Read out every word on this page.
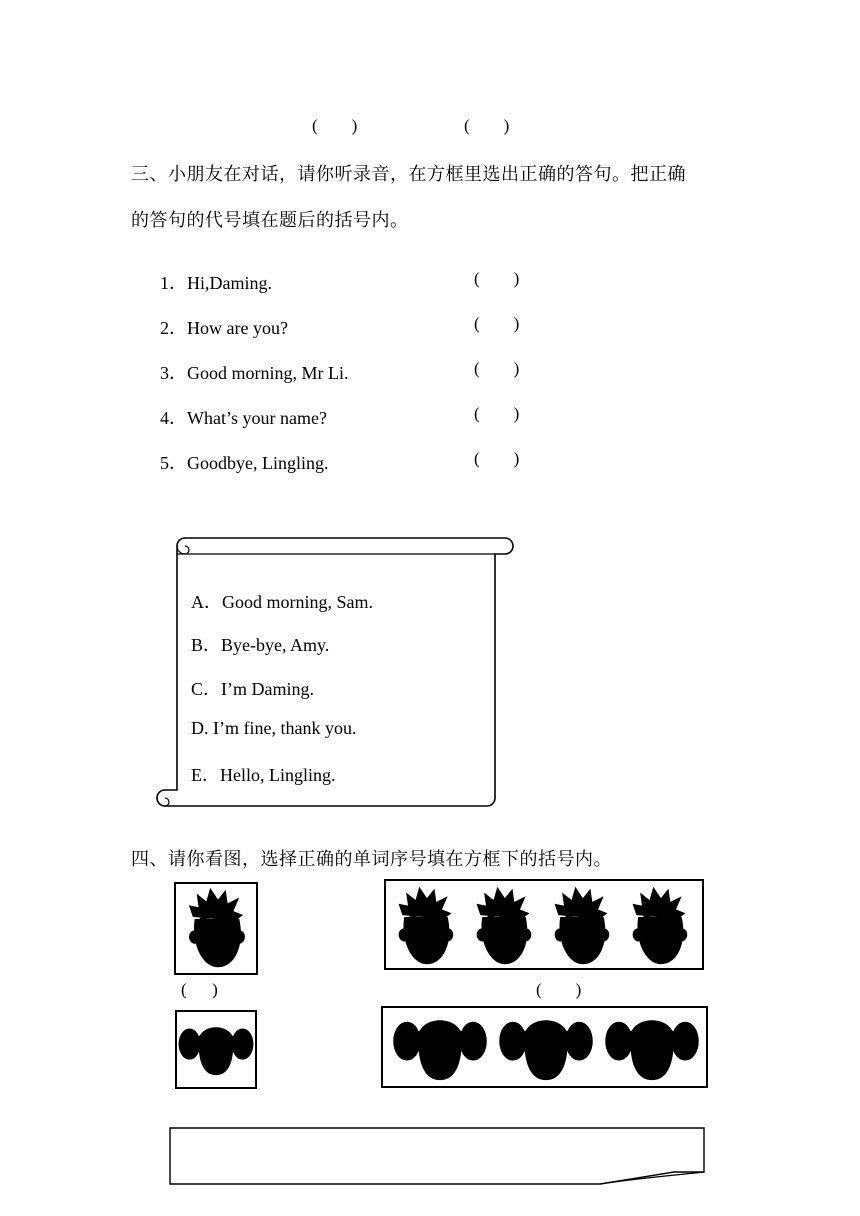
(        )	(        )
三、小朋友在对话，请你听录音，在方框里选出正确的答句。把正确
的答句的代号填在题后的括号内。
1．Hi,Daming.	(        )
2．How are you?	(        )
3．Good morning, Mr Li.	(        )
4．What’s your name?	(        )
5．Goodbye, Lingling.	(        )
A．Good morning, Sam.
B．Bye-bye, Amy.
C．I’m Daming.
D. I’m fine, thank you.
E．Hello, Lingling.
四、请你看图，选择正确的单词序号填在方框下的括号内。
(      )	(        )
